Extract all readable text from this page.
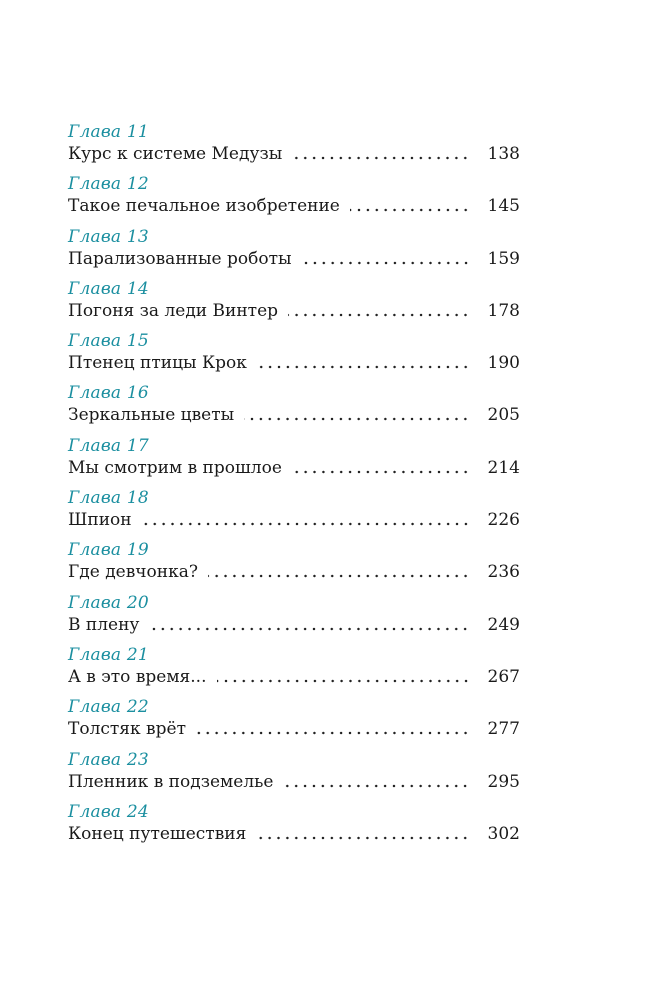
Глава 11
Курс к системе Медузы	138
Глава 12
Такое печальное изобретение	145
Глава 13
Парализованные роботы	159
Глава 14
Погоня за леди Винтер	178
Глава 15
Птенец птицы Крок	190
Глава 16
Зеркальные цветы	205
Глава 17
Мы смотрим в прошлое	214
Глава 18
Шпион	226
Глава 19
Где девчонка?	236
Глава 20
В плену	249
Глава 21
А в это время...	267
Глава 22
Толстяк врёт	277
Глава 23
Пленник в подземелье	295
Глава 24
Конец путешествия	302
